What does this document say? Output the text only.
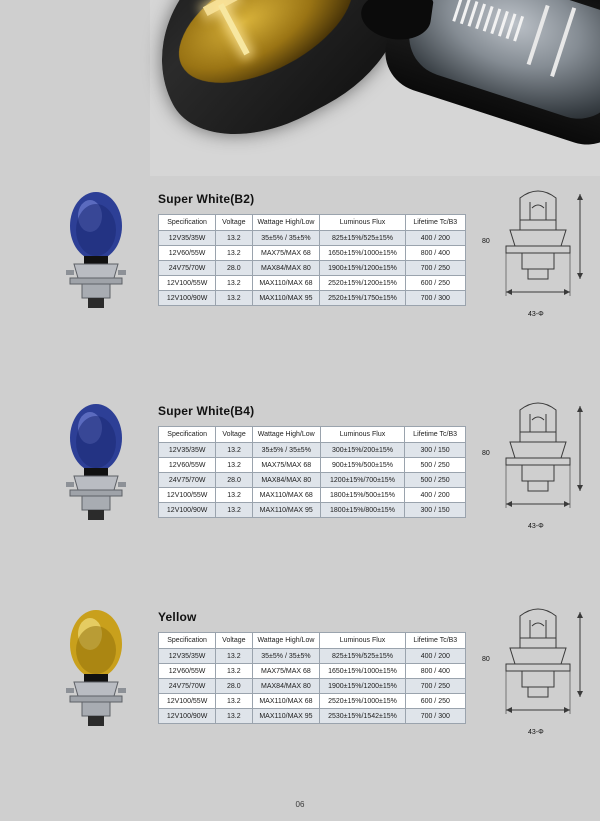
Super White(B2)
Specification	Voltage	Wattage High/Low	Luminous Flux	Lifetime Tc/B3
12V35/35W	13.2	35±5% / 35±5%	825±15%/525±15%	400 / 200
12V60/55W	13.2	MAX75/MAX 68	1650±15%/1000±15%	800 / 400
24V75/70W	28.0	MAX84/MAX 80	1900±15%/1200±15%	700 / 250
12V100/55W	13.2	MAX110/MAX 68	2520±15%/1200±15%	600 / 250
12V100/90W	13.2	MAX110/MAX 95	2520±15%/1750±15%	700 / 300
80
43-Φ
Super White(B4)
Specification	Voltage	Wattage High/Low	Luminous Flux	Lifetime Tc/B3
12V35/35W	13.2	35±5% / 35±5%	300±15%/200±15%	300 / 150
12V60/55W	13.2	MAX75/MAX 68	900±15%/500±15%	500 / 250
24V75/70W	28.0	MAX84/MAX 80	1200±15%/700±15%	500 / 250
12V100/55W	13.2	MAX110/MAX 68	1800±15%/500±15%	400 / 200
12V100/90W	13.2	MAX110/MAX 95	1800±15%/800±15%	300 / 150
80
43-Φ
Yellow
Specification	Voltage	Wattage High/Low	Luminous Flux	Lifetime Tc/B3
12V35/35W	13.2	35±5% / 35±5%	825±15%/525±15%	400 / 200
12V60/55W	13.2	MAX75/MAX 68	1650±15%/1000±15%	800 / 400
24V75/70W	28.0	MAX84/MAX 80	1900±15%/1200±15%	700 / 250
12V100/55W	13.2	MAX110/MAX 68	2520±15%/1000±15%	600 / 250
12V100/90W	13.2	MAX110/MAX 95	2530±15%/1542±15%	700 / 300
80
43-Φ
06
